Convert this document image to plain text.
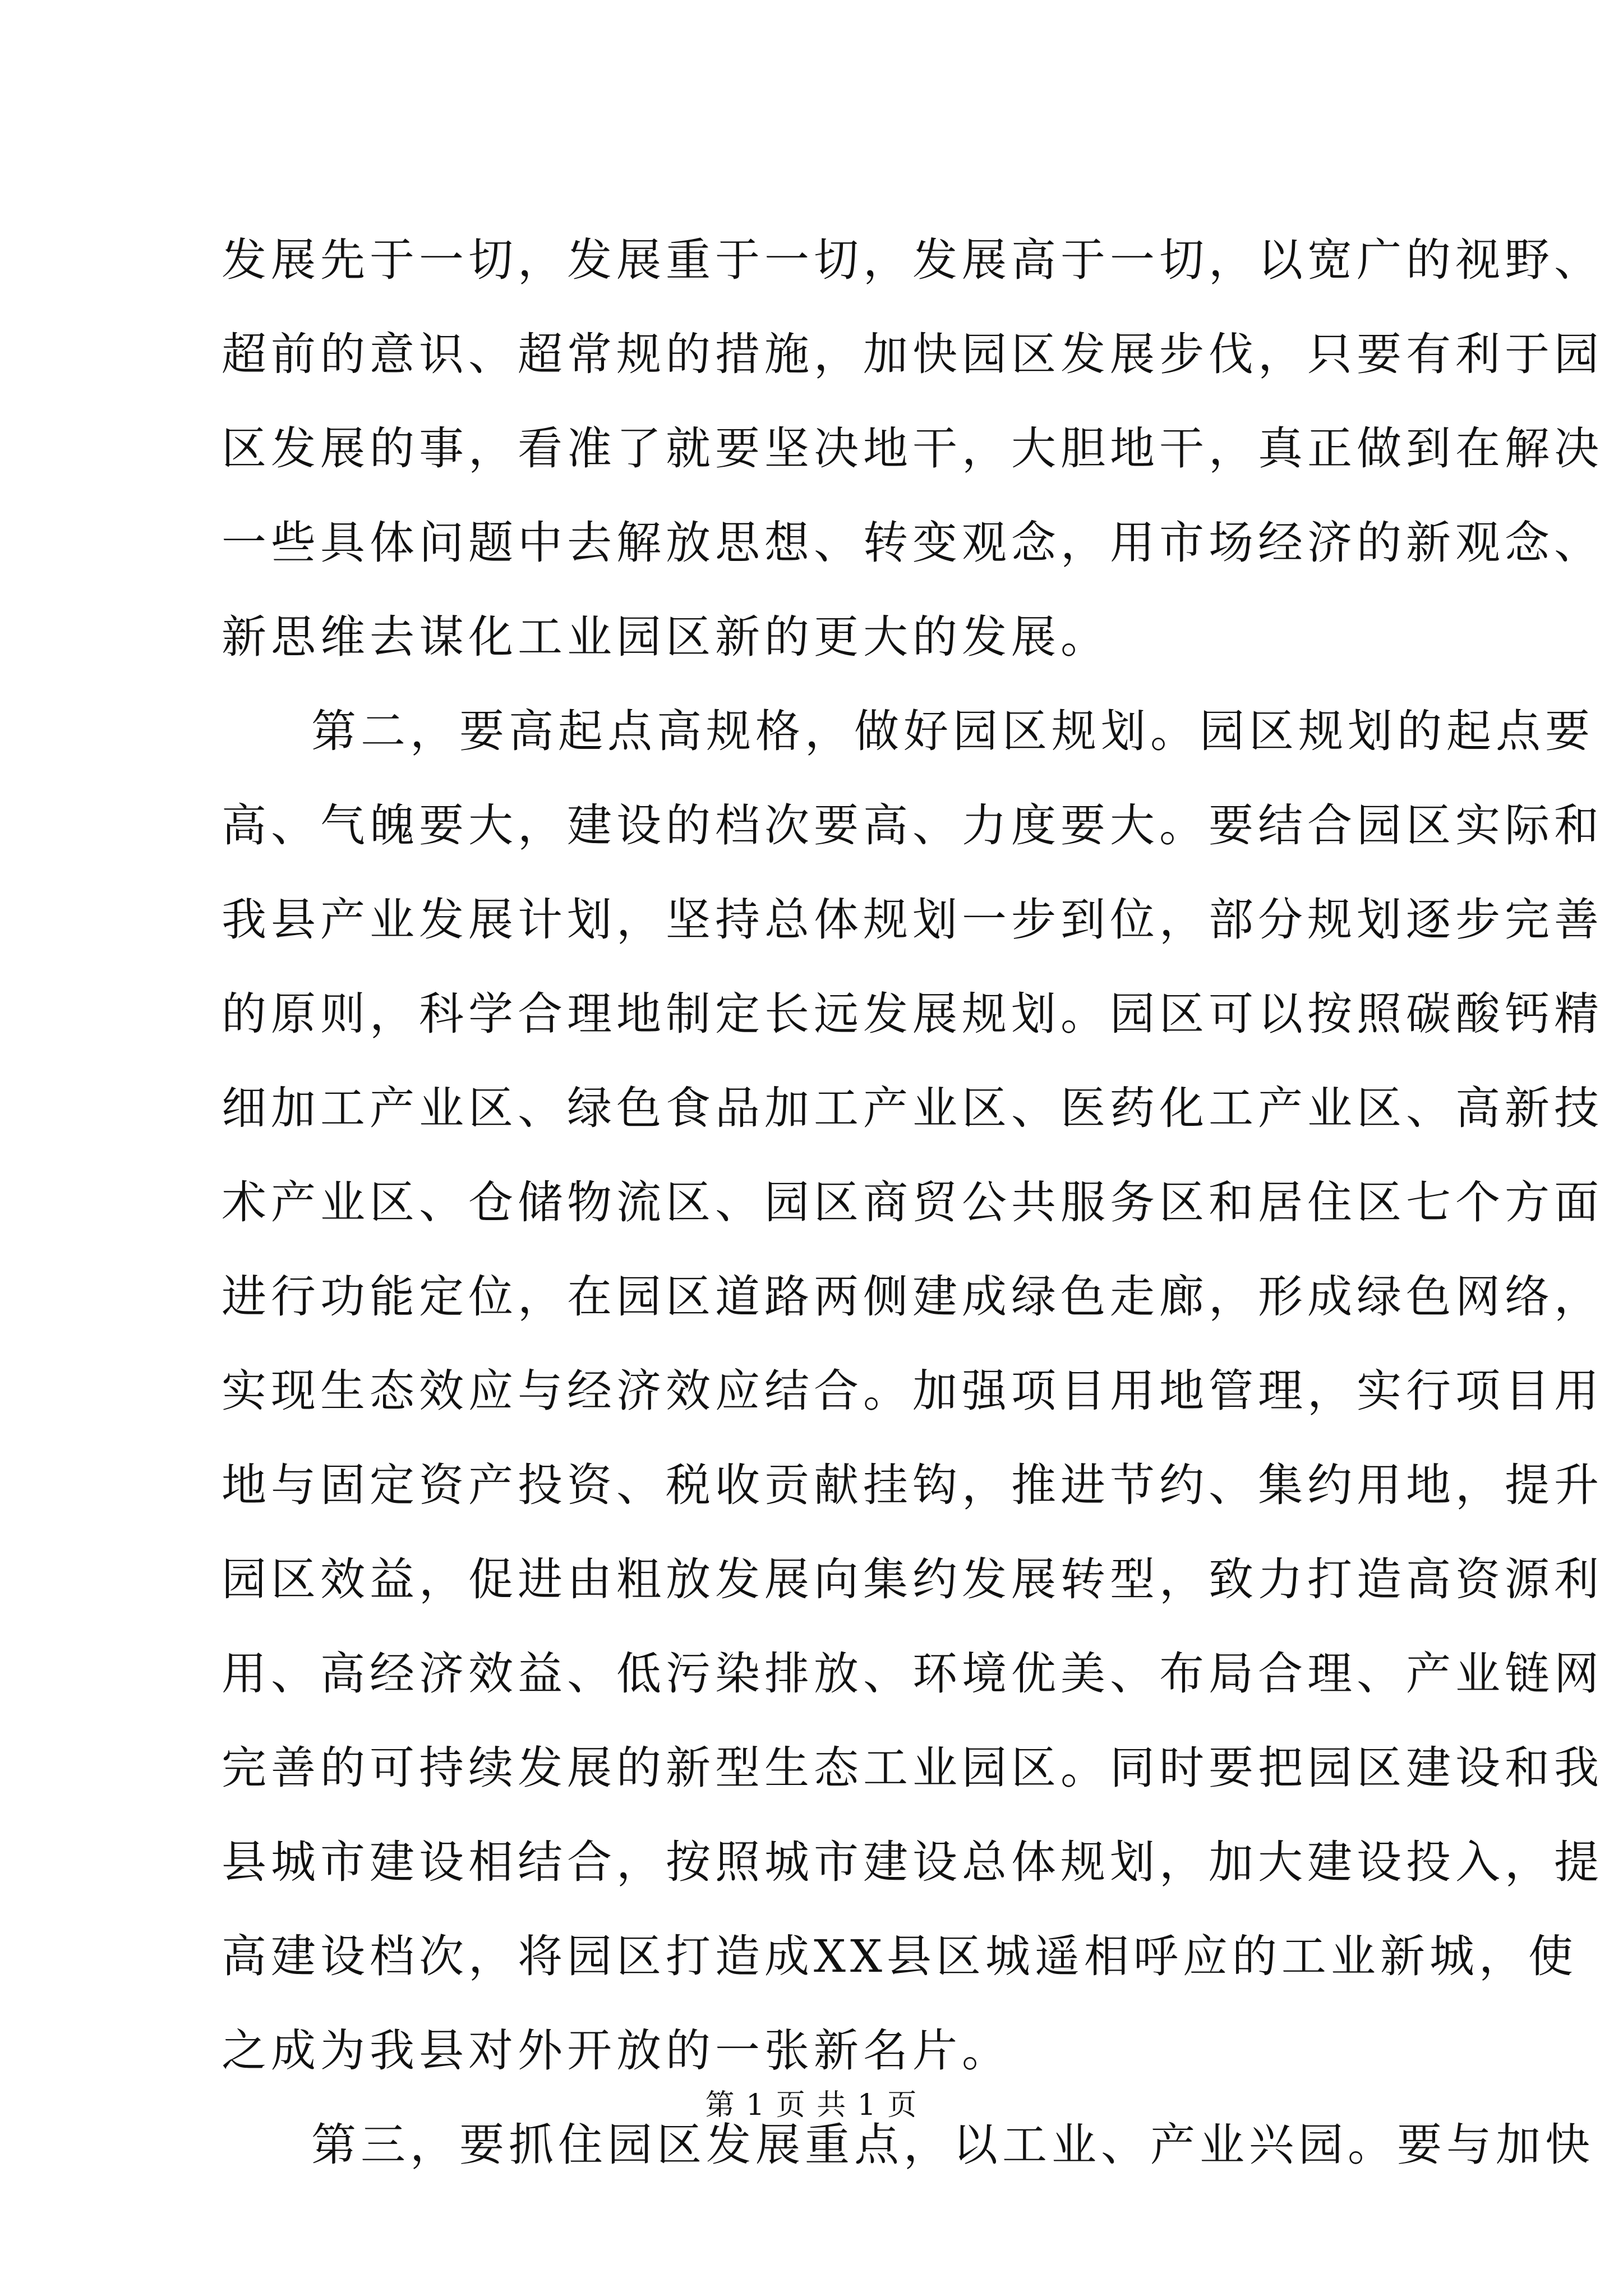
发展先于一切，发展重于一切，发展高于一切，以宽广的视野、
超前的意识、超常规的措施，加快园区发展步伐，只要有利于园
区发展的事，看准了就要坚决地干，大胆地干，真正做到在解决
一些具体问题中去解放思想、转变观念，用市场经济的新观念、
新思维去谋化工业园区新的更大的发展。
第二，要高起点高规格，做好园区规划。园区规划的起点要
高、气魄要大，建设的档次要高、力度要大。要结合园区实际和
我县产业发展计划，坚持总体规划一步到位，部分规划逐步完善
的原则，科学合理地制定长远发展规划。园区可以按照碳酸钙精
细加工产业区、绿色食品加工产业区、医药化工产业区、高新技
术产业区、仓储物流区、园区商贸公共服务区和居住区七个方面
进行功能定位，在园区道路两侧建成绿色走廊，形成绿色网络，
实现生态效应与经济效应结合。加强项目用地管理，实行项目用
地与固定资产投资、税收贡献挂钩，推进节约、集约用地，提升
园区效益，促进由粗放发展向集约发展转型，致力打造高资源利
用、高经济效益、低污染排放、环境优美、布局合理、产业链网
完善的可持续发展的新型生态工业园区。同时要把园区建设和我
县城市建设相结合，按照城市建设总体规划，加大建设投入，提
高建设档次，将园区打造成XX县区城遥相呼应的工业新城，使
之成为我县对外开放的一张新名片。
第三，要抓住园区发展重点，以工业、产业兴园。要与加快
第 1 页 共 1 页
